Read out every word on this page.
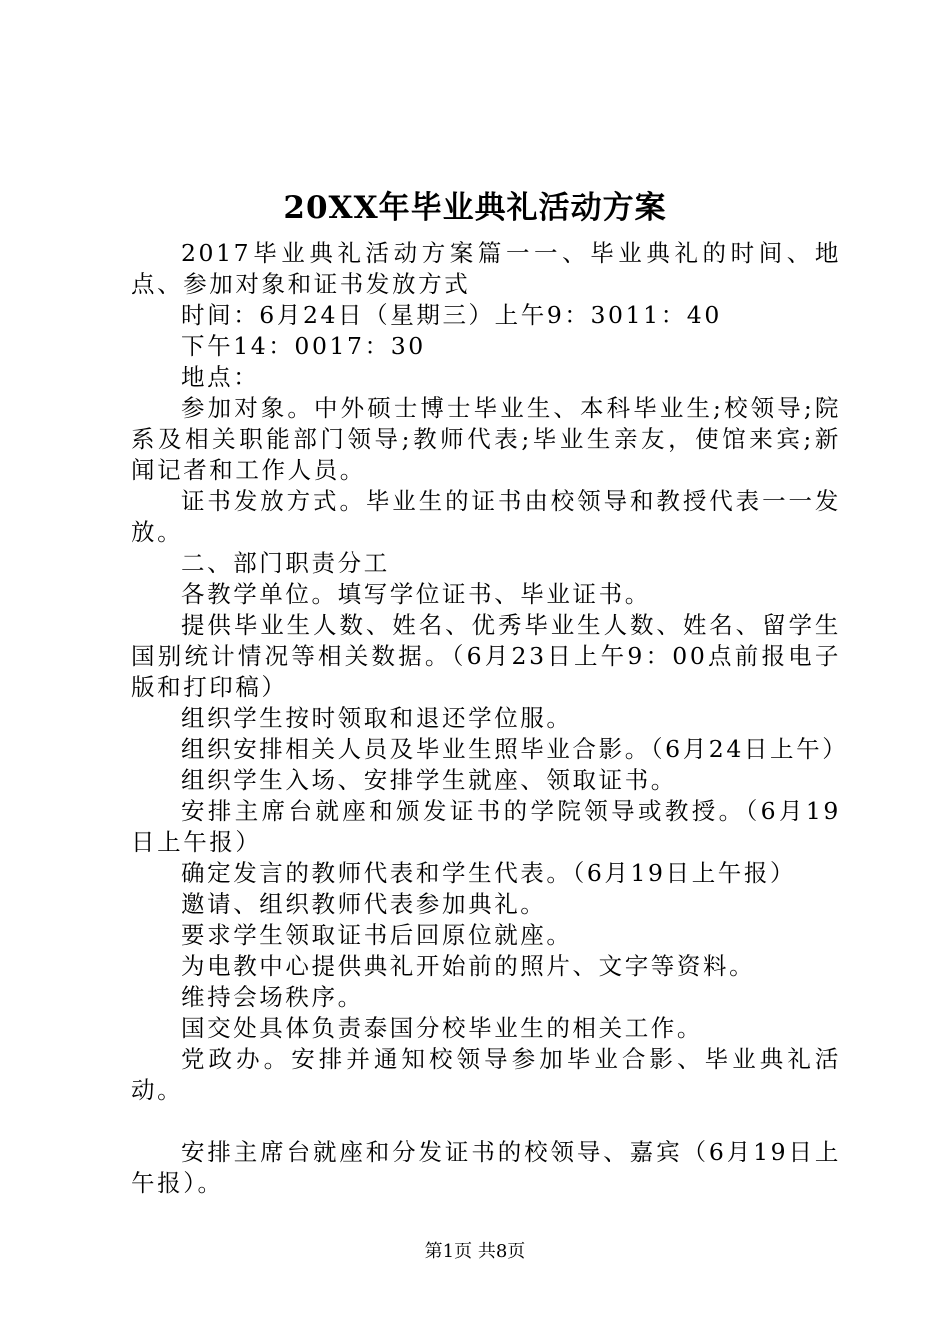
20XX年毕业典礼活动方案

2017毕业典礼活动方案篇一一、毕业典礼的时间、地点、参加对象和证书发放方式

时间：6月24日（星期三）上午9：3011：40

下午14：0017：30

地点：

参加对象。中外硕士博士毕业生、本科毕业生;校领导;院系及相关职能部门领导;教师代表;毕业生亲友，使馆来宾;新闻记者和工作人员。

证书发放方式。毕业生的证书由校领导和教授代表一一发放。

二、部门职责分工

各教学单位。填写学位证书、毕业证书。

提供毕业生人数、姓名、优秀毕业生人数、姓名、留学生国别统计情况等相关数据。（6月23日上午9：00点前报电子版和打印稿）

组织学生按时领取和退还学位服。

组织安排相关人员及毕业生照毕业合影。（6月24日上午）

组织学生入场、安排学生就座、领取证书。

安排主席台就座和颁发证书的学院领导或教授。（6月19日上午报）

确定发言的教师代表和学生代表。（6月19日上午报）

邀请、组织教师代表参加典礼。

要求学生领取证书后回原位就座。

为电教中心提供典礼开始前的照片、文字等资料。

维持会场秩序。

国交处具体负责泰国分校毕业生的相关工作。

党政办。安排并通知校领导参加毕业合影、毕业典礼活动。

安排主席台就座和分发证书的校领导、嘉宾（6月19日上午报）。

第1页 共8页
